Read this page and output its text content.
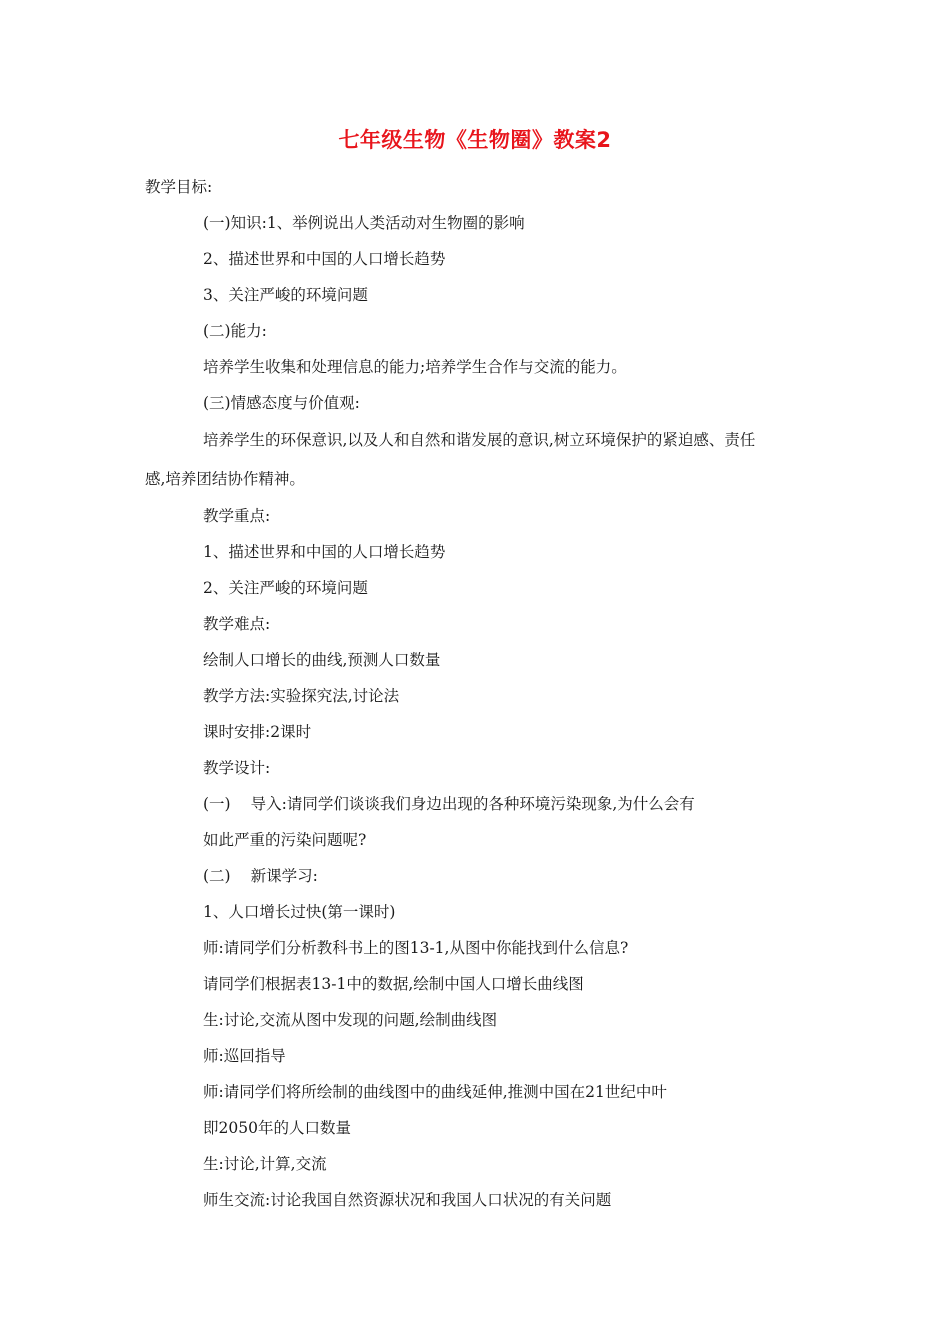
七年级生物《生物圈》教案2
教学目标:
(一)知识:1、举例说出人类活动对生物圈的影响
2、描述世界和中国的人口增长趋势
3、关注严峻的环境问题
(二)能力:
培养学生收集和处理信息的能力;培养学生合作与交流的能力。
(三)情感态度与价值观:
培养学生的环保意识,以及人和自然和谐发展的意识,树立环境保护的紧迫感、责任
感,培养团结协作精神。
教学重点:
1、描述世界和中国的人口增长趋势
2、关注严峻的环境问题
教学难点:
绘制人口增长的曲线,预测人口数量
教学方法:实验探究法,讨论法
课时安排:2课时
教学设计:
(一) 导入:请同学们谈谈我们身边出现的各种环境污染现象,为什么会有
如此严重的污染问题呢?
(二) 新课学习:
1、人口增长过快(第一课时)
师:请同学们分析教科书上的图13-1,从图中你能找到什么信息?
请同学们根据表13-1中的数据,绘制中国人口增长曲线图
生:讨论,交流从图中发现的问题,绘制曲线图
师:巡回指导
师:请同学们将所绘制的曲线图中的曲线延伸,推测中国在21世纪中叶
即2050年的人口数量
生:讨论,计算,交流
师生交流:讨论我国自然资源状况和我国人口状况的有关问题
